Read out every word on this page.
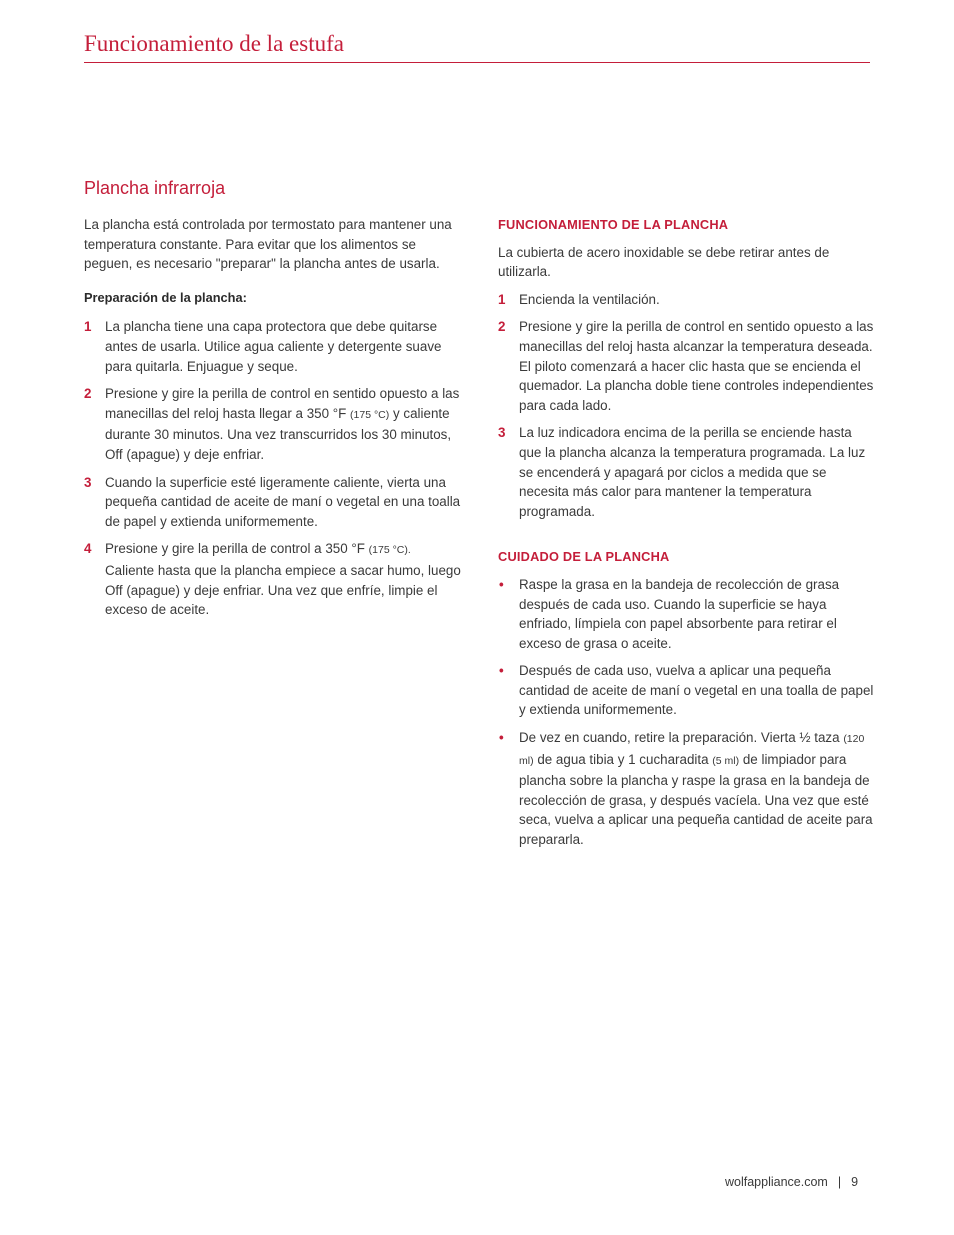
Funcionamiento de la estufa
Plancha infrarroja

La plancha está controlada por termostato para mantener una temperatura constante. Para evitar que los alimentos se peguen, es necesario "preparar" la plancha antes de usarla.

Preparación de la plancha:
1 La plancha tiene una capa protectora que debe quitarse antes de usarla. Utilice agua caliente y detergente suave para quitarla. Enjuague y seque.
2 Presione y gire la perilla de control en sentido opuesto a las manecillas del reloj hasta llegar a 350 °F (175 °C) y caliente durante 30 minutos. Una vez transcurridos los 30 minutos, Off (apague) y deje enfriar.
3 Cuando la superficie esté ligeramente caliente, vierta una pequeña cantidad de aceite de maní o vegetal en una toalla de papel y extienda uniformemente.
4 Presione y gire la perilla de control a 350 °F (175 °C). Caliente hasta que la plancha empiece a sacar humo, luego Off (apague) y deje enfriar. Una vez que enfríe, limpie el exceso de aceite.
FUNCIONAMIENTO DE LA PLANCHA

La cubierta de acero inoxidable se debe retirar antes de utilizarla.

1 Encienda la ventilación.
2 Presione y gire la perilla de control en sentido opuesto a las manecillas del reloj hasta alcanzar la temperatura deseada. El piloto comenzará a hacer clic hasta que se encienda el quemador. La plancha doble tiene controles independientes para cada lado.
3 La luz indicadora encima de la perilla se enciende hasta que la plancha alcanza la temperatura programada. La luz se encenderá y apagará por ciclos a medida que se necesita más calor para mantener la temperatura programada.
CUIDADO DE LA PLANCHA
• Raspe la grasa en la bandeja de recolección de grasa después de cada uso. Cuando la superficie se haya enfriado, límpiela con papel absorbente para retirar el exceso de grasa o aceite.
• Después de cada uso, vuelva a aplicar una pequeña cantidad de aceite de maní o vegetal en una toalla de papel y extienda uniformemente.
• De vez en cuando, retire la preparación. Vierta ½ taza (120 ml) de agua tibia y 1 cucharadita (5 ml) de limpiador para plancha sobre la plancha y raspe la grasa en la bandeja de recolección de grasa, y después vacíela. Una vez que esté seca, vuelva a aplicar una pequeña cantidad de aceite para prepararla.
wolfappliance.com | 9
